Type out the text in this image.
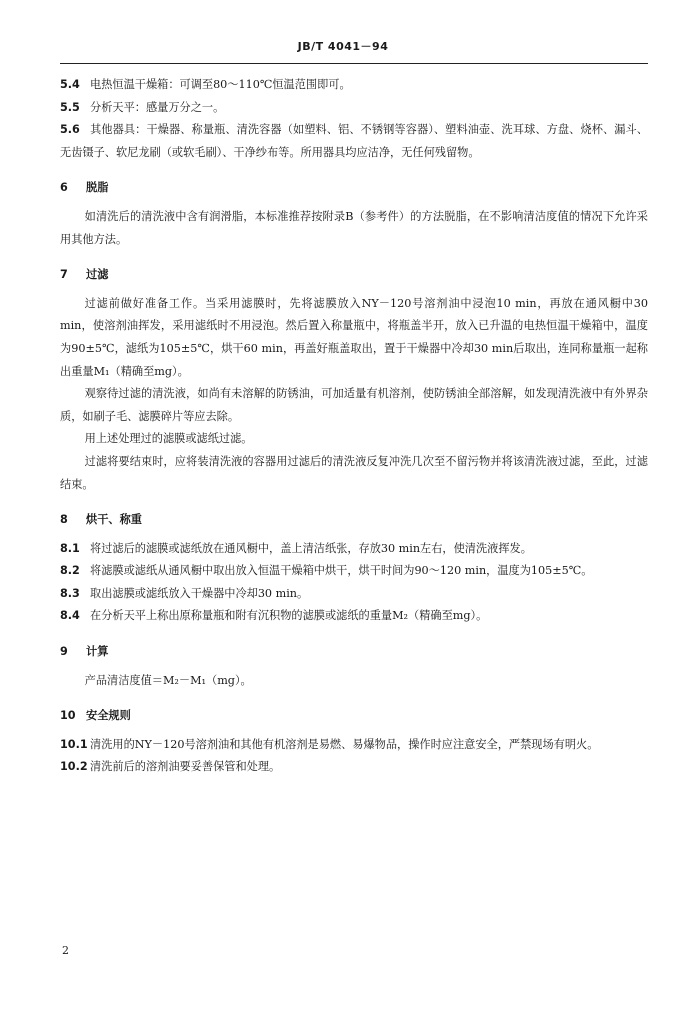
JB/T 4041－94

5.4 电热恒温干燥箱：可调至80～110℃恒温范围即可。

5.5 分析天平：感量万分之一。

5.6 其他器具：干燥器、称量瓶、清洗容器（如塑料、铝、不锈钢等容器）、塑料油壶、洗耳球、方盘、烧杯、漏斗、无齿镊子、软尼龙刷（或软毛刷）、干净纱布等。所用器具均应洁净，无任何残留物。

6 脱脂

如清洗后的清洗液中含有润滑脂，本标准推荐按附录B（参考件）的方法脱脂，在不影响清洁度值的情况下允许采用其他方法。

7 过滤

过滤前做好准备工作。当采用滤膜时，先将滤膜放入NY－120号溶剂油中浸泡10 min，再放在通风橱中30 min，使溶剂油挥发，采用滤纸时不用浸泡。然后置入称量瓶中，将瓶盖半开，放入已升温的电热恒温干燥箱中，温度为90±5℃，滤纸为105±5℃，烘干60 min，再盖好瓶盖取出，置于干燥器中冷却30 min后取出，连同称量瓶一起称出重量M₁（精确至mg）。

观察待过滤的清洗液，如尚有未溶解的防锈油，可加适量有机溶剂，使防锈油全部溶解，如发现清洗液中有外界杂质，如刷子毛、滤膜碎片等应去除。

用上述处理过的滤膜或滤纸过滤。

过滤将要结束时，应将装清洗液的容器用过滤后的清洗液反复冲洗几次至不留污物并将该清洗液过滤，至此，过滤结束。

8 烘干、称重

8.1 将过滤后的滤膜或滤纸放在通风橱中，盖上清洁纸张，存放30 min左右，使清洗液挥发。

8.2 将滤膜或滤纸从通风橱中取出放入恒温干燥箱中烘干，烘干时间为90～120 min，温度为105±5℃。

8.3 取出滤膜或滤纸放入干燥器中冷却30 min。

8.4 在分析天平上称出原称量瓶和附有沉积物的滤膜或滤纸的重量M₂（精确至mg）。

9 计算

产品清洁度值＝M₂－M₁（mg）。

10 安全规则

10.1 清洗用的NY－120号溶剂油和其他有机溶剂是易燃、易爆物品，操作时应注意安全，严禁现场有明火。

10.2 清洗前后的溶剂油要妥善保管和处理。

2
